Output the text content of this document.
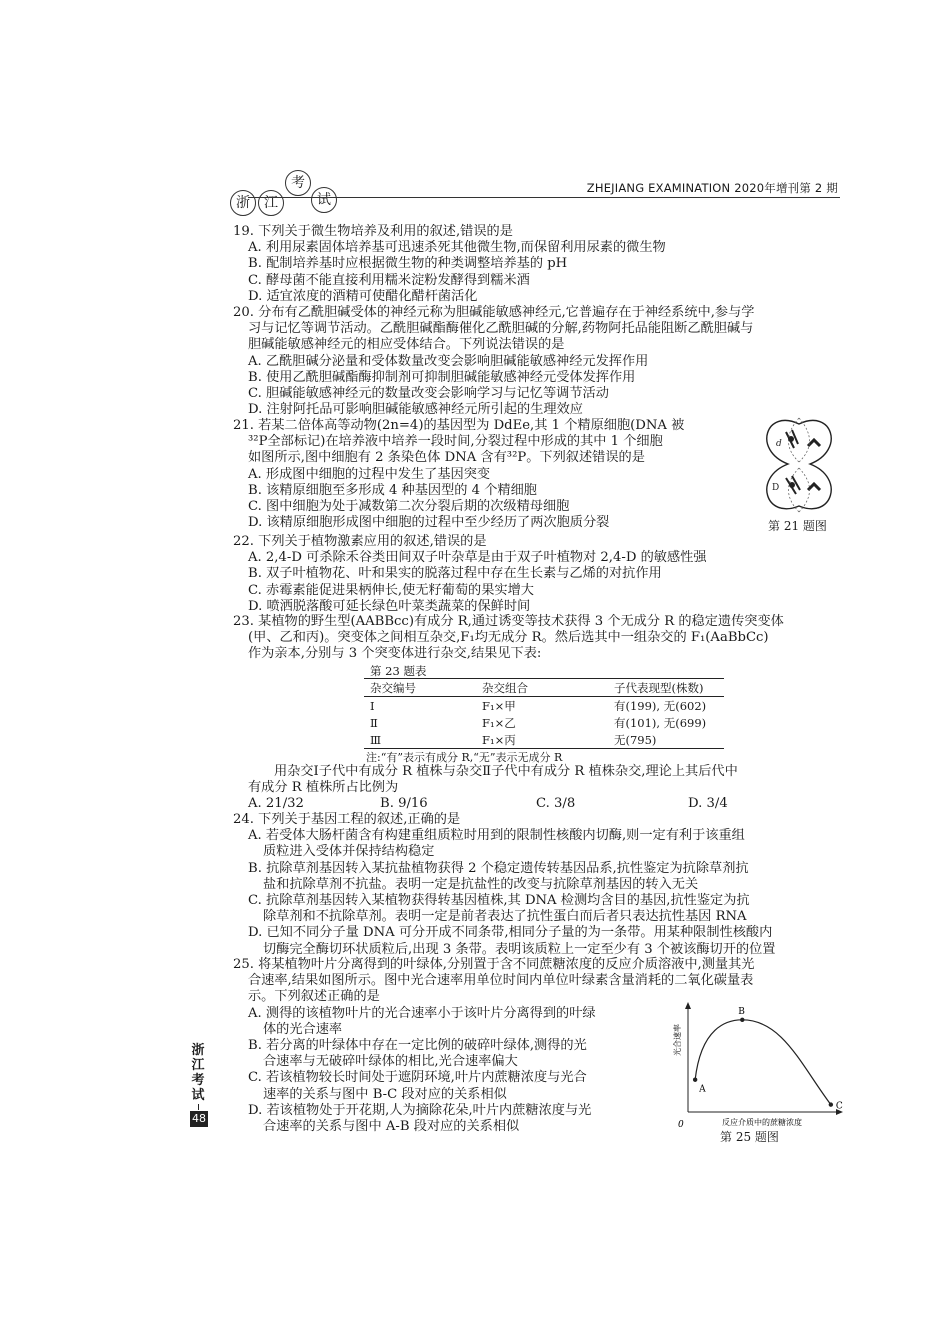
浙	江
考
试
ZHEJIANG EXAMINATION 2020年增刊第 2 期
19. 下列关于微生物培养及利用的叙述,错误的是
A. 利用尿素固体培养基可迅速杀死其他微生物,而保留利用尿素的微生物
B. 配制培养基时应根据微生物的种类调整培养基的 pH
C. 酵母菌不能直接利用糯米淀粉发酵得到糯米酒
D. 适宜浓度的酒精可使醋化醋杆菌活化
20. 分布有乙酰胆碱受体的神经元称为胆碱能敏感神经元,它普遍存在于神经系统中,参与学
习与记忆等调节活动。乙酰胆碱酯酶催化乙酰胆碱的分解,药物阿托品能阻断乙酰胆碱与
胆碱能敏感神经元的相应受体结合。下列说法错误的是
A. 乙酰胆碱分泌量和受体数量改变会影响胆碱能敏感神经元发挥作用
B. 使用乙酰胆碱酯酶抑制剂可抑制胆碱能敏感神经元受体发挥作用
C. 胆碱能敏感神经元的数量改变会影响学习与记忆等调节活动
D. 注射阿托品可影响胆碱能敏感神经元所引起的生理效应
21. 若某二倍体高等动物(2n=4)的基因型为 DdEe,其 1 个精原细胞(DNA 被
³²P全部标记)在培养液中培养一段时间,分裂过程中形成的其中 1 个细胞
如图所示,图中细胞有 2 条染色体 DNA 含有³²P。下列叙述错误的是
A. 形成图中细胞的过程中发生了基因突变
B. 该精原细胞至多形成 4 种基因型的 4 个精细胞
C. 图中细胞为处于减数第二次分裂后期的次级精母细胞
D. 该精原细胞形成图中细胞的过程中至少经历了两次胞质分裂
d
D
第 21 题图
22. 下列关于植物激素应用的叙述,错误的是
A. 2,4-D 可杀除禾谷类田间双子叶杂草是由于双子叶植物对 2,4-D 的敏感性强
B. 双子叶植物花、叶和果实的脱落过程中存在生长素与乙烯的对抗作用
C. 赤霉素能促进果柄伸长,使无籽葡萄的果实增大
D. 喷洒脱落酸可延长绿色叶菜类蔬菜的保鲜时间
23. 某植物的野生型(AABBcc)有成分 R,通过诱变等技术获得 3 个无成分 R 的稳定遗传突变体
(甲、乙和丙)。突变体之间相互杂交,F₁均无成分 R。然后选其中一组杂交的 F₁(AaBbCc)
作为亲本,分别与 3 个突变体进行杂交,结果见下表:
第 23 题表
杂交编号	杂交组合	子代表现型(株数)
Ⅰ	F₁×甲	有(199), 无(602)
Ⅱ	F₁×乙	有(101), 无(699)
Ⅲ	F₁×丙	无(795)
注:“有”表示有成分 R,“无”表示无成分 R
用杂交Ⅰ子代中有成分 R 植株与杂交Ⅱ子代中有成分 R 植株杂交,理论上其后代中
有成分 R 植株所占比例为
A. 21/32	B. 9/16	C. 3/8	D. 3/4
24. 下列关于基因工程的叙述,正确的是
A. 若受体大肠杆菌含有构建重组质粒时用到的限制性核酸内切酶,则一定有利于该重组
质粒进入受体并保持结构稳定
B. 抗除草剂基因转入某抗盐植物获得 2 个稳定遗传转基因品系,抗性鉴定为抗除草剂抗
盐和抗除草剂不抗盐。表明一定是抗盐性的改变与抗除草剂基因的转入无关
C. 抗除草剂基因转入某植物获得转基因植株,其 DNA 检测均含目的基因,抗性鉴定为抗
除草剂和不抗除草剂。表明一定是前者表达了抗性蛋白而后者只表达抗性基因 RNA
D. 已知不同分子量 DNA 可分开成不同条带,相同分子量的为一条带。用某种限制性核酸内
切酶完全酶切环状质粒后,出现 3 条带。表明该质粒上一定至少有 3 个被该酶切开的位置
25. 将某植物叶片分离得到的叶绿体,分别置于含不同蔗糖浓度的反应介质溶液中,测量其光
合速率,结果如图所示。图中光合速率用单位时间内单位叶绿素含量消耗的二氧化碳量表
示。下列叙述正确的是
A. 测得的该植物叶片的光合速率小于该叶片分离得到的叶绿
体的光合速率
B. 若分离的叶绿体中存在一定比例的破碎叶绿体,测得的光
合速率与无破碎叶绿体的相比,光合速率偏大
C. 若该植物较长时间处于遮阴环境,叶片内蔗糖浓度与光合
速率的关系与图中 B-C 段对应的关系相似
D. 若该植物处于开花期,人为摘除花朵,叶片内蔗糖浓度与光
合速率的关系与图中 A-B 段对应的关系相似	0
光合速率
反应介质中的蔗糖浓度
A
B
C
第 25 题图
浙
江
考
试
48
